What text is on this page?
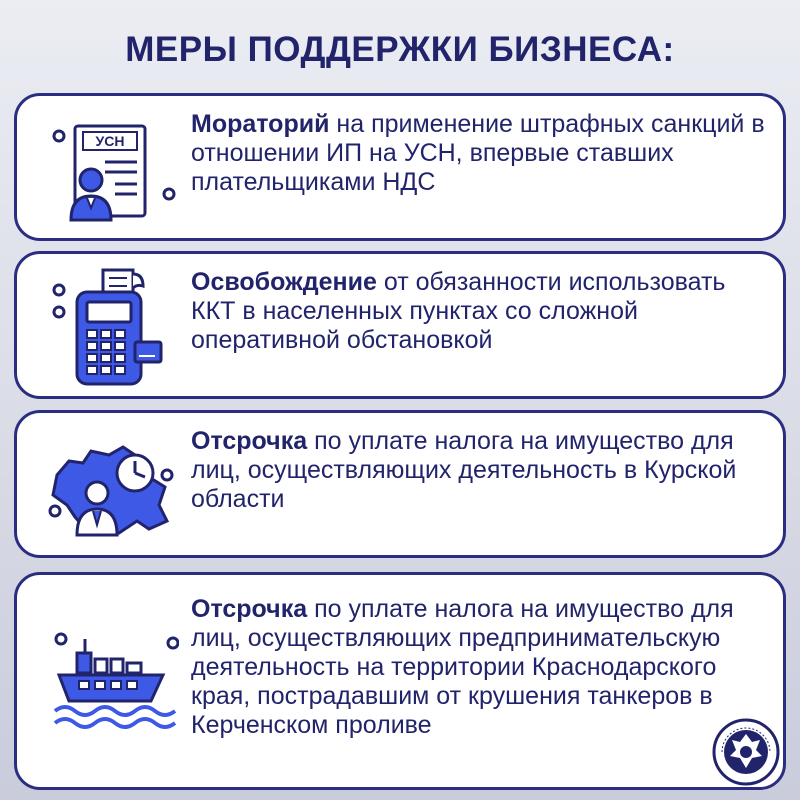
МЕРЫ ПОДДЕРЖКИ БИЗНЕСА:
УСН
Мораторий на применение штрафных санкций в отношении ИП на УСН, впервые ставших плательщиками НДС
Освобождение от обязанности использовать ККТ в населенных пунктах со сложной оперативной обстановкой
Отсрочка по уплате налога на имущество для лиц, осуществляющих деятельность в Курской области
Отсрочка по уплате налога на имущество для лиц, осуществляющих предпринимательскую деятельность на территории Краснодарского края, пострадавшим от крушения танкеров в Керченском проливе
